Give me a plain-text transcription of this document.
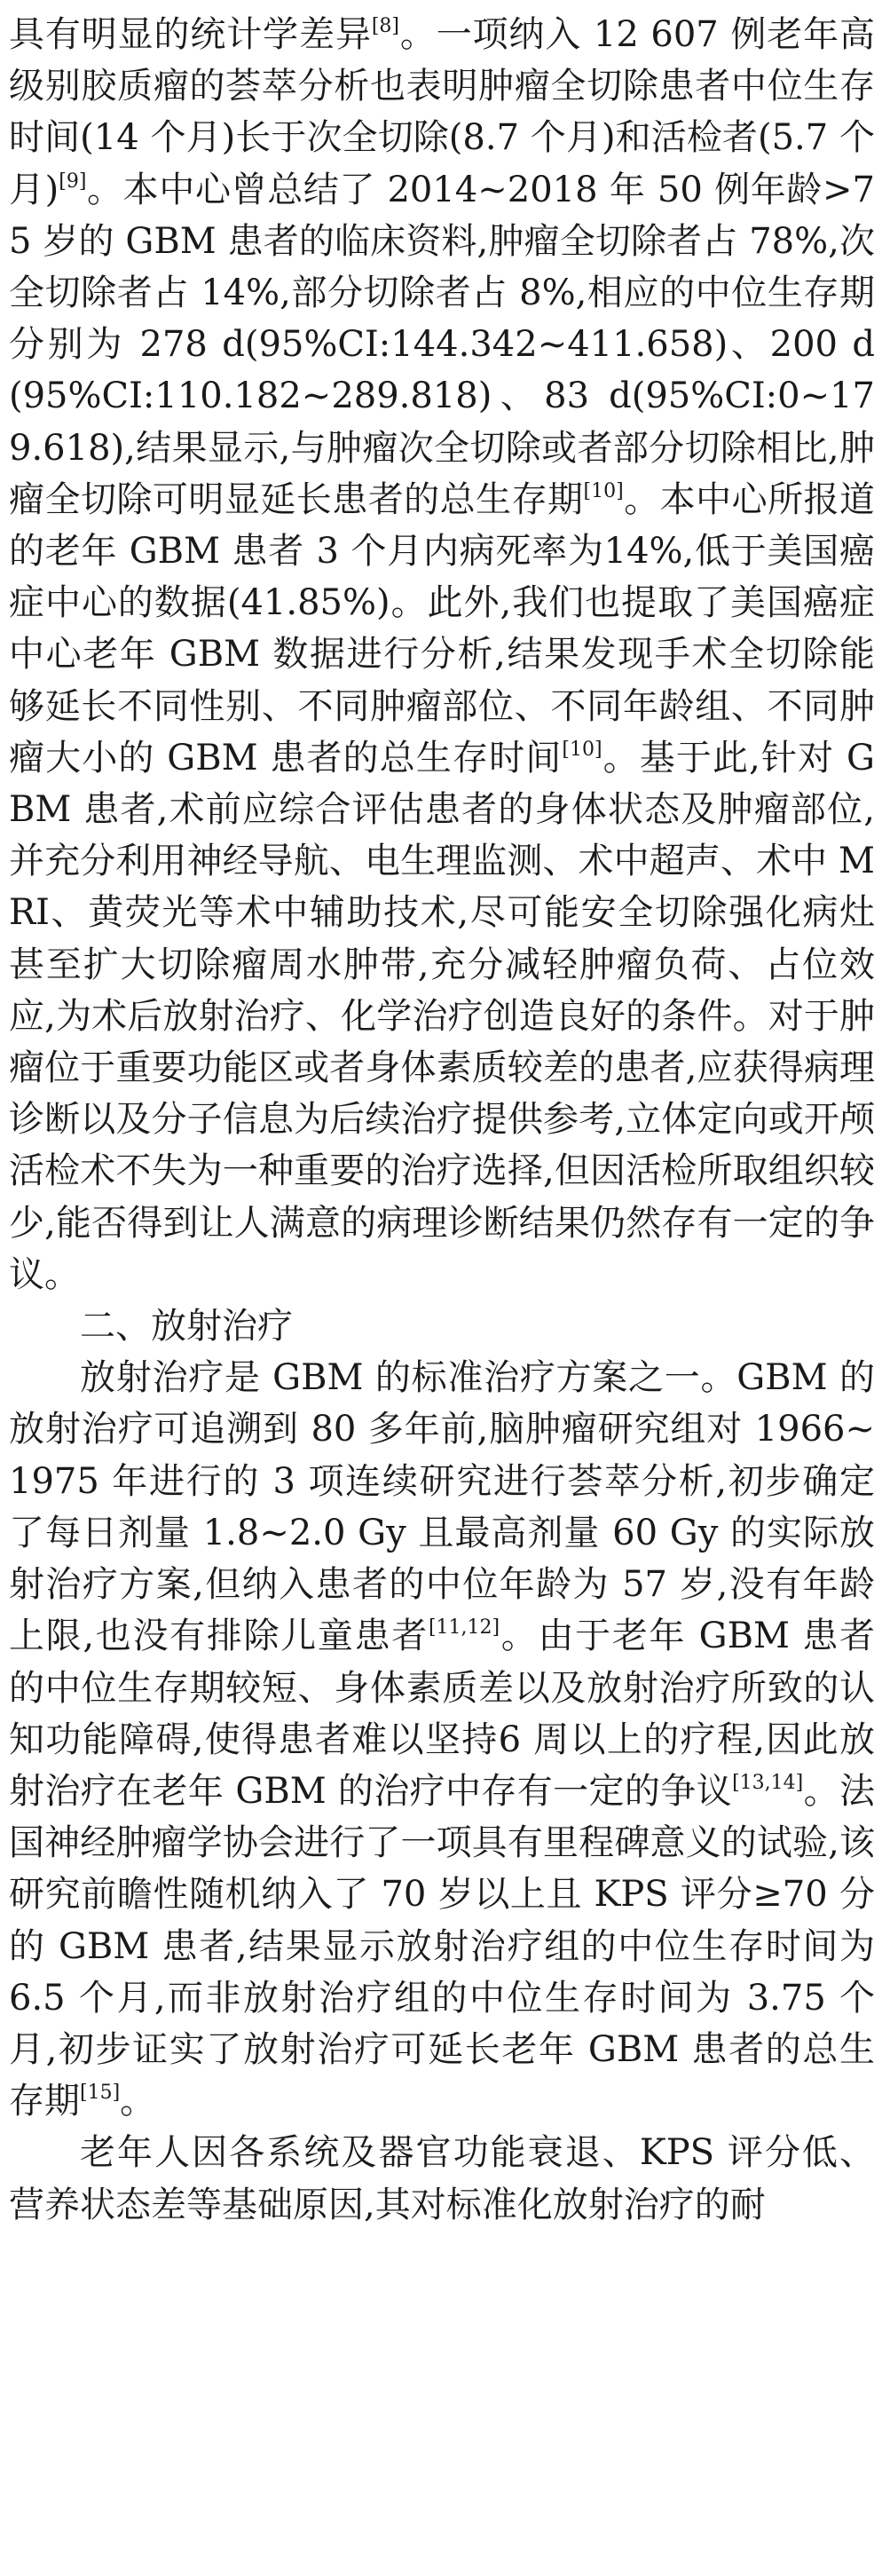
具有明显的统计学差异[8]。一项纳入 12 607 例老年高级别胶质瘤的荟萃分析也表明肿瘤全切除患者中位生存时间(14 个月)长于次全切除(8.7 个月)和活检者(5.7 个月)[9]。本中心曾总结了 2014~2018 年 50 例年龄>75 岁的 GBM 患者的临床资料,肿瘤全切除者占 78%,次全切除者占 14%,部分切除者占 8%,相应的中位生存期分别为 278 d(95%CI:144.342~411.658)、200 d(95%CI:110.182~289.818)、83 d(95%CI:0~179.618),结果显示,与肿瘤次全切除或者部分切除相比,肿瘤全切除可明显延长患者的总生存期[10]。本中心所报道的老年 GBM 患者 3 个月内病死率为14%,低于美国癌症中心的数据(41.85%)。此外,我们也提取了美国癌症中心老年 GBM 数据进行分析,结果发现手术全切除能够延长不同性别、不同肿瘤部位、不同年龄组、不同肿瘤大小的 GBM 患者的总生存时间[10]。基于此,针对 GBM 患者,术前应综合评估患者的身体状态及肿瘤部位,并充分利用神经导航、电生理监测、术中超声、术中 MRI、黄荧光等术中辅助技术,尽可能安全切除强化病灶甚至扩大切除瘤周水肿带,充分减轻肿瘤负荷、占位效应,为术后放射治疗、化学治疗创造良好的条件。对于肿瘤位于重要功能区或者身体素质较差的患者,应获得病理诊断以及分子信息为后续治疗提供参考,立体定向或开颅活检术不失为一种重要的治疗选择,但因活检所取组织较少,能否得到让人满意的病理诊断结果仍然存有一定的争议。

二、放射治疗

放射治疗是 GBM 的标准治疗方案之一。GBM 的放射治疗可追溯到 80 多年前,脑肿瘤研究组对 1966~1975 年进行的 3 项连续研究进行荟萃分析,初步确定了每日剂量 1.8~2.0 Gy 且最高剂量 60 Gy 的实际放射治疗方案,但纳入患者的中位年龄为 57 岁,没有年龄上限,也没有排除儿童患者[11,12]。由于老年 GBM 患者的中位生存期较短、身体素质差以及放射治疗所致的认知功能障碍,使得患者难以坚持6 周以上的疗程,因此放射治疗在老年 GBM 的治疗中存有一定的争议[13,14]。法国神经肿瘤学协会进行了一项具有里程碑意义的试验,该研究前瞻性随机纳入了 70 岁以上且 KPS 评分≥70 分的 GBM 患者,结果显示放射治疗组的中位生存时间为 6.5 个月,而非放射治疗组的中位生存时间为 3.75 个月,初步证实了放射治疗可延长老年 GBM 患者的总生存期[15]。

老年人因各系统及器官功能衰退、KPS 评分低、营养状态差等基础原因,其对标准化放射治疗的耐
